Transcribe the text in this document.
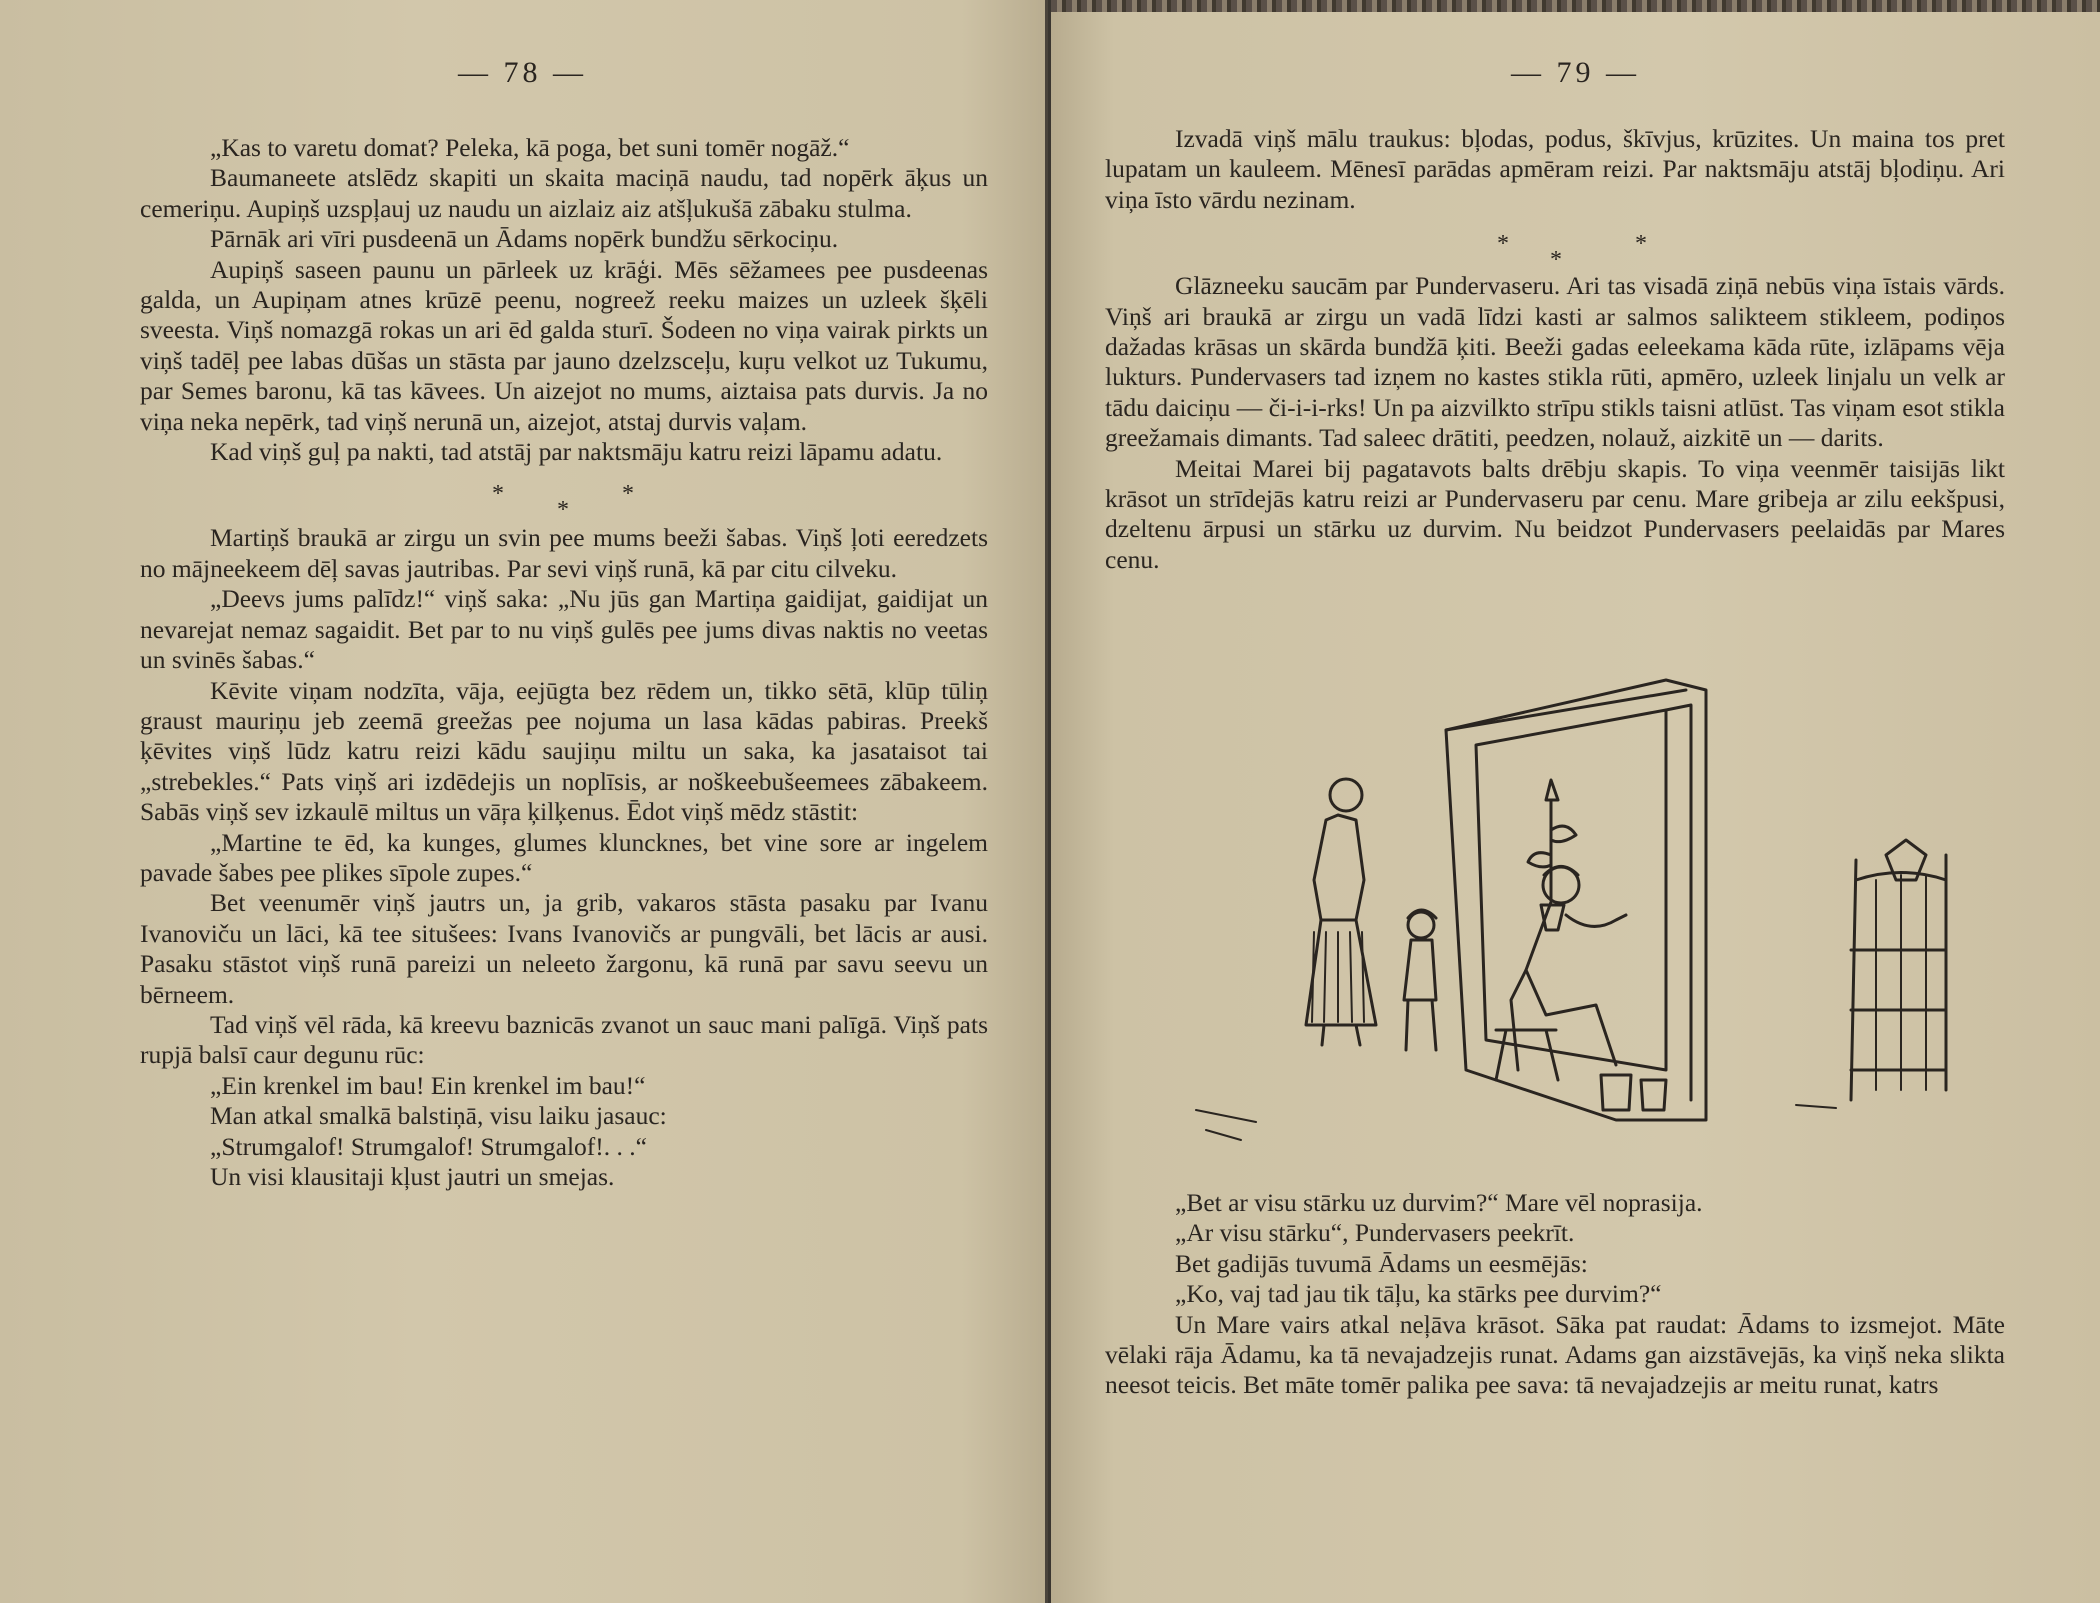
— 78 —

„Kas to varetu domat? Peleka, kā poga, bet suni tomēr nogāž.“

Baumaneete atslēdz skapiti un skaita maciņā naudu, tad nopērk āķus un cemeriņu. Aupiņš uzspļauj uz naudu un aizlaiz aiz atšļukušā zābaku stulma.

Pārnāk ari vīri pusdeenā un Ādams nopērk bundžu sērkociņu.

Aupiņš saseen paunu un pārleek uz krāģi. Mēs sēžamees pee pusdeenas galda, un Aupiņam atnes krūzē peenu, nogreež reeku maizes un uzleek šķēli sveesta. Viņš nomazgā rokas un ari ēd galda sturī. Šodeen no viņa vairak pirkts un viņš tadēļ pee labas dūšas un stāsta par jauno dzelzsceļu, kuŗu velkot uz Tukumu, par Semes baronu, kā tas kāvees. Un aizejot no mums, aiztaisa pats durvis. Ja no viņa neka nepērk, tad viņš nerunā un, aizejot, atstaj durvis vaļam.

Kad viņš guļ pa nakti, tad atstāj par naktsmāju katru reizi lāpamu adatu.

*
*
*

Martiņš braukā ar zirgu un svin pee mums beeži šabas. Viņš ļoti eeredzets no mājneekeem dēļ savas jautribas. Par sevi viņš runā, kā par citu cilveku.

„Deevs jums palīdz!“ viņš saka: „Nu jūs gan Martiņa gaidijat, gaidijat un nevarejat nemaz sagaidit. Bet par to nu viņš gulēs pee jums divas naktis no veetas un svinēs šabas.“

Kēvite viņam nodzīta, vāja, eejūgta bez rēdem un, tikko sētā, klūp tūliņ graust mauriņu jeb zeemā greežas pee nojuma un lasa kādas pabiras. Preekš ķēvites viņš lūdz katru reizi kādu saujiņu miltu un saka, ka jasataisot tai „strebekles.“ Pats viņš ari izdēdejis un noplīsis, ar noškeebušeemees zābakeem. Sabās viņš sev izkaulē miltus un vāŗa ķilķenus. Ēdot viņš mēdz stāstit:

„Martine te ēd, ka kunges, glumes kluncknes, bet vine sore ar ingelem pavade šabes pee plikes sīpole zupes.“

Bet veenumēr viņš jautrs un, ja grib, vakaros stāsta pasaku par Ivanu Ivanoviču un lāci, kā tee situšees: Ivans Ivanovičs ar pungvāli, bet lācis ar ausi. Pasaku stāstot viņš runā pareizi un neleeto žargonu, kā runā par savu seevu un bērneem.

Tad viņš vēl rāda, kā kreevu baznicās zvanot un sauc mani palīgā. Viņš pats rupjā balsī caur degunu rūc:

„Ein krenkel im bau! Ein krenkel im bau!“

Man atkal smalkā balstiņā, visu laiku jasauc:

„Strumgalof! Strumgalof! Strumgalof!. . .“

Un visi klausitaji kļust jautri un smejas.

— 79 —

Izvadā viņš mālu traukus: bļodas, podus, škīvjus, krūzites. Un maina tos pret lupatam un kauleem. Mēnesī parādas apmēram reizi. Par naktsmāju atstāj bļodiņu. Ari viņa īsto vārdu nezinam.

*
*
*

Glāzneeku saucām par Pundervaseru. Ari tas visadā ziņā nebūs viņa īstais vārds. Viņš ari braukā ar zirgu un vadā līdzi kasti ar salmos salikteem stikleem, podiņos dažadas krāsas un skārda bundžā ķiti. Beeži gadas eeleekama kāda rūte, izlāpams vēja lukturs. Pundervasers tad izņem no kastes stikla rūti, apmēro, uzleek linjalu un velk ar tādu daiciņu — či-i-i-rks! Un pa aizvilkto strīpu stikls taisni atlūst. Tas viņam esot stikla greežamais dimants. Tad saleec drātiti, peedzen, nolauž, aizkitē un — darits.

Meitai Marei bij pagatavots balts drēbju skapis. To viņa veenmēr taisijās likt krāsot un strīdejās katru reizi ar Pundervaseru par cenu. Mare gribeja ar zilu eekšpusi, dzeltenu ārpusi un stārku uz durvim. Nu beidzot Pundervasers peelaidās par Mares cenu.

„Bet ar visu stārku uz durvim?“ Mare vēl noprasija.

„Ar visu stārku“, Pundervasers peekrīt.

Bet gadijās tuvumā Ādams un eesmējās:

„Ko, vaj tad jau tik tāļu, ka stārks pee durvim?“

Un Mare vairs atkal neļāva krāsot. Sāka pat raudat: Ādams to izsmejot. Māte vēlaki rāja Ādamu, ka tā nevajadzejis runat. Adams gan aizstāvejās, ka viņš neka slikta neesot teicis. Bet māte tomēr palika pee sava: tā nevajadzejis ar meitu runat, katrs
